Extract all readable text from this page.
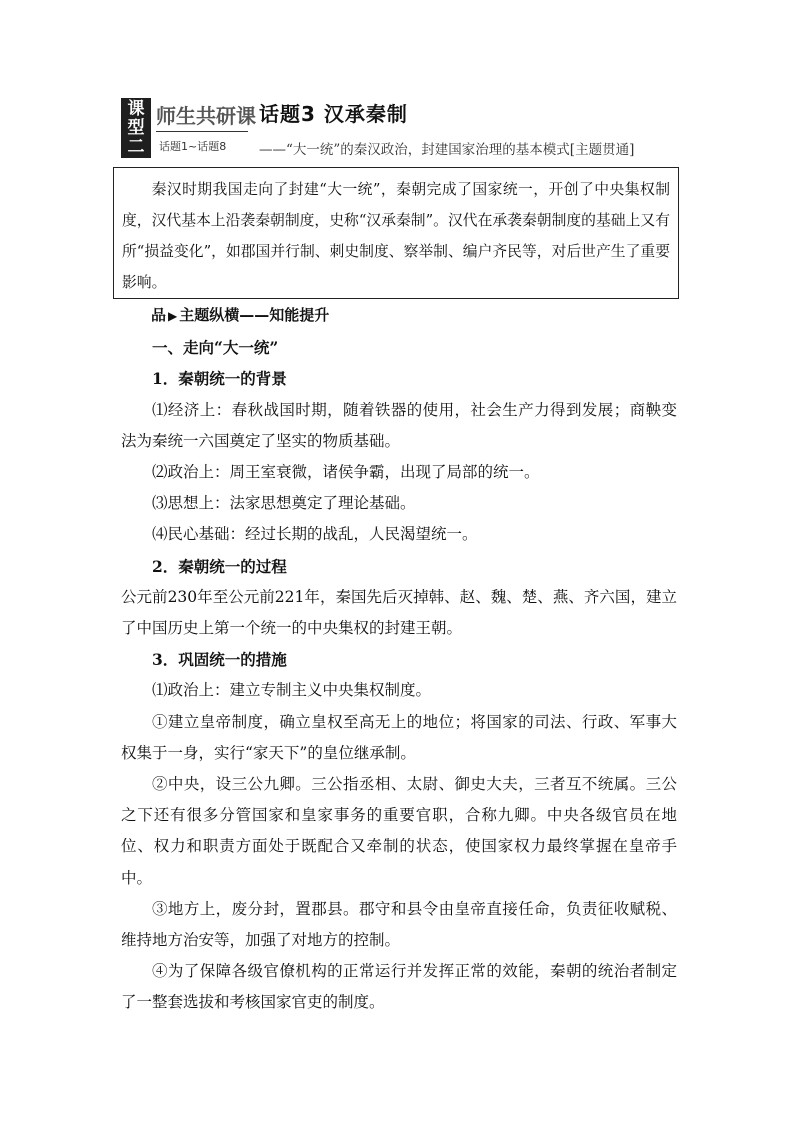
课
型
二
师生共研课
话题1~话题8
话题3 汉承秦制
——“大一统”的秦汉政治，封建国家治理的基本模式[主题贯通]

秦汉时期我国走向了封建“大一统”，秦朝完成了国家统一，开创了中央集权制度，汉代基本上沿袭秦朝制度，史称“汉承秦制”。汉代在承袭秦朝制度的基础上又有所“损益变化”，如郡国并行制、刺史制度、察举制、编户齐民等，对后世产生了重要影响。

品 ▶ 主题纵横——知能提升

一、走向“大一统”

1．秦朝统一的背景

⑴经济上：春秋战国时期，随着铁器的使用，社会生产力得到发展；商鞅变法为秦统一六国奠定了坚实的物质基础。

⑵政治上：周王室衰微，诸侯争霸，出现了局部的统一。

⑶思想上：法家思想奠定了理论基础。

⑷民心基础：经过长期的战乱，人民渴望统一。

2．秦朝统一的过程

公元前230年至公元前221年，秦国先后灭掉韩、赵、魏、楚、燕、齐六国，建立了中国历史上第一个统一的中央集权的封建王朝。

3．巩固统一的措施

⑴政治上：建立专制主义中央集权制度。

①建立皇帝制度，确立皇权至高无上的地位；将国家的司法、行政、军事大权集于一身，实行“家天下”的皇位继承制。

②中央，设三公九卿。三公指丞相、太尉、御史大夫，三者互不统属。三公之下还有很多分管国家和皇家事务的重要官职，合称九卿。中央各级官员在地位、权力和职责方面处于既配合又牵制的状态，使国家权力最终掌握在皇帝手中。

③地方上，废分封，置郡县。郡守和县令由皇帝直接任命，负责征收赋税、维持地方治安等，加强了对地方的控制。

④为了保障各级官僚机构的正常运行并发挥正常的效能，秦朝的统治者制定了一整套选拔和考核国家官吏的制度。
